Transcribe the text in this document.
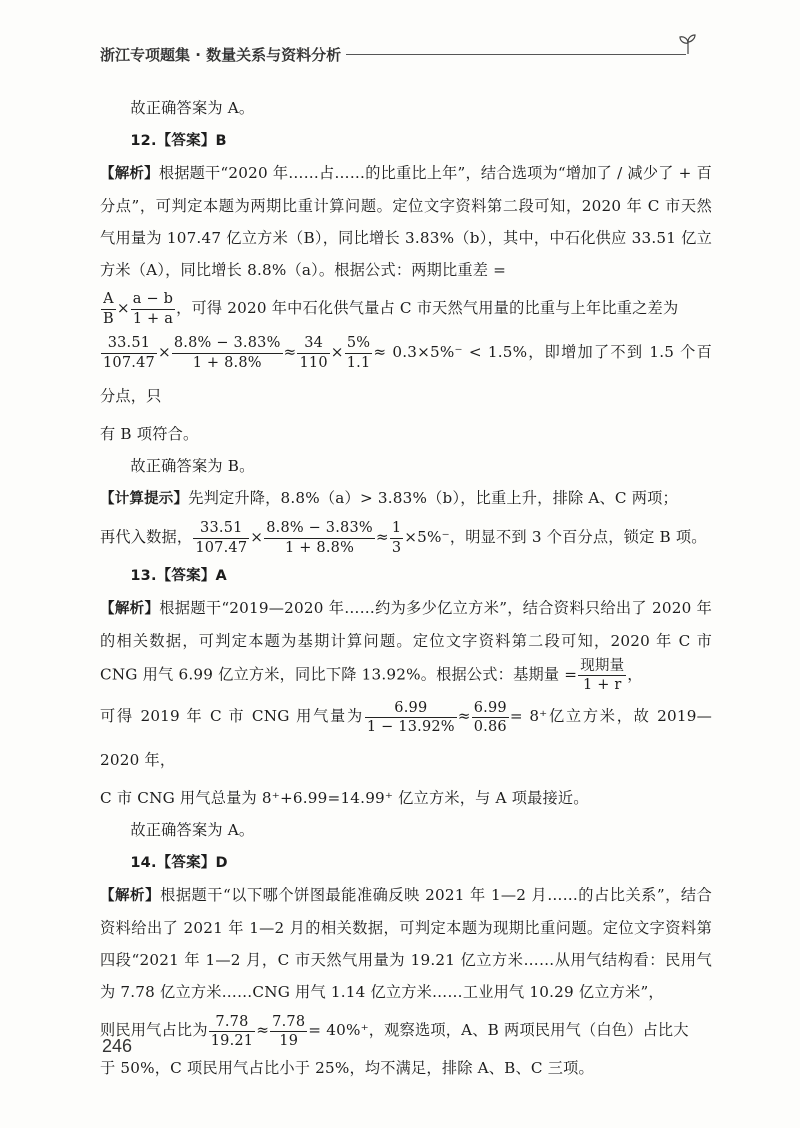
浙江专项题集 · 数量关系与资料分析

故正确答案为 A。

12.【答案】B

【解析】根据题干“2020 年……占……的比重比上年”，结合选项为“增加了 / 减少了 + 百分点”，可判定本题为两期比重计算问题。定位文字资料第二段可知，2020 年 C 市天然气用量为 107.47 亿立方米（B），同比增长 3.83%（b），其中，中石化供应 33.51 亿立方米（A），同比增长 8.8%（a）。根据公式：两期比重差 =

$\frac{A}{B} \times \frac{a - b}{1 + a}$ ，可得 2020 年中石化供气量占 C 市天然气用量的比重与上年比重之差为

$\frac{33.51}{107.47} \times \frac{8.8\% - 3.83\%}{1 + 8.8\%} \approx \frac{34}{110} \times \frac{5\%}{1.1} \approx 0.3\times 5\%^- < 1.5\%$，即增加了不到 1.5 个百分点，只

有 B 项符合。

故正确答案为 B。

【计算提示】先判定升降，8.8%（a）> 3.83%（b），比重上升，排除 A、C 两项；

再代入数据， $\frac{33.51}{107.47} \times \frac{8.8\% - 3.83\%}{1 + 8.8\%} \approx \frac{1}{3} \times 5\%^-$，明显不到 3 个百分点，锁定 B 项。

13.【答案】A

【解析】根据题干“2019—2020 年……约为多少亿立方米”，结合资料只给出了 2020 年的相关数据，可判定本题为基期计算问题。定位文字资料第二段可知，2020 年 C 市 CNG 用气 6.99 亿立方米，同比下降 13.92%。根据公式：基期量 = $\frac{\text{现期量}}{1 + r}$ ，

可得 2019 年 C 市 CNG 用气量为 $\frac{6.99}{1 - 13.92\%} \approx \frac{6.99}{0.86} = 8^+$亿立方米，故 2019—2020 年，

C 市 CNG 用气总量为 8⁺+6.99=14.99⁺ 亿立方米，与 A 项最接近。

故正确答案为 A。

14.【答案】D

【解析】根据题干“以下哪个饼图最能准确反映 2021 年 1—2 月……的占比关系”，结合资料给出了 2021 年 1—2 月的相关数据，可判定本题为现期比重问题。定位文字资料第四段“2021 年 1—2 月，C 市天然气用量为 19.21 亿立方米……从用气结构看：民用气为 7.78 亿立方米……CNG 用气 1.14 亿立方米……工业用气 10.29 亿立方米”，

则民用气占比为 $\frac{7.78}{19.21} \approx \frac{7.78}{19} = 40\%^+$，观察选项，A、B 两项民用气（白色）占比大

于 50%，C 项民用气占比小于 25%，均不满足，排除 A、B、C 三项。

246
